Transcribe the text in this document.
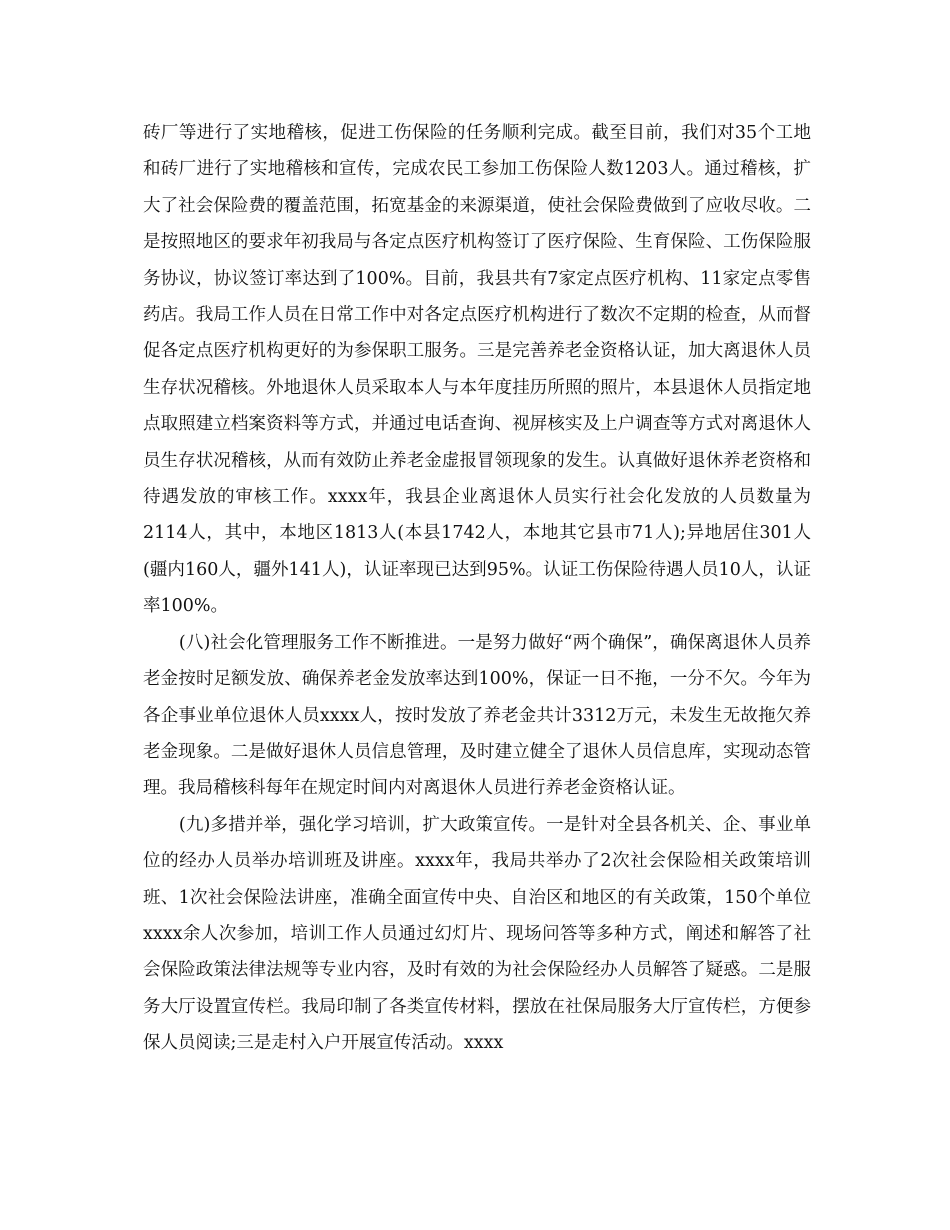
砖厂等进行了实地稽核，促进工伤保险的任务顺利完成。截至目前，我们对35个工地和砖厂进行了实地稽核和宣传，完成农民工参加工伤保险人数1203人。通过稽核，扩大了社会保险费的覆盖范围，拓宽基金的来源渠道，使社会保险费做到了应收尽收。二是按照地区的要求年初我局与各定点医疗机构签订了医疗保险、生育保险、工伤保险服务协议，协议签订率达到了100%。目前，我县共有7家定点医疗机构、11家定点零售药店。我局工作人员在日常工作中对各定点医疗机构进行了数次不定期的检查，从而督促各定点医疗机构更好的为参保职工服务。三是完善养老金资格认证，加大离退休人员生存状况稽核。外地退休人员采取本人与本年度挂历所照的照片，本县退休人员指定地点取照建立档案资料等方式，并通过电话查询、视屏核实及上户调查等方式对离退休人员生存状况稽核，从而有效防止养老金虚报冒领现象的发生。认真做好退休养老资格和待遇发放的审核工作。xxxx年，我县企业离退休人员实行社会化发放的人员数量为2114人，其中，本地区1813人(本县1742人，本地其它县市71人);异地居住301人(疆内160人，疆外141人)，认证率现已达到95%。认证工伤保险待遇人员10人，认证率100%。

(八)社会化管理服务工作不断推进。一是努力做好“两个确保”，确保离退休人员养老金按时足额发放、确保养老金发放率达到100%，保证一日不拖，一分不欠。今年为各企事业单位退休人员xxxx人，按时发放了养老金共计3312万元，未发生无故拖欠养老金现象。二是做好退休人员信息管理，及时建立健全了退休人员信息库，实现动态管理。我局稽核科每年在规定时间内对离退休人员进行养老金资格认证。

(九)多措并举，强化学习培训，扩大政策宣传。一是针对全县各机关、企、事业单位的经办人员举办培训班及讲座。xxxx年，我局共举办了2次社会保险相关政策培训班、1次社会保险法讲座，准确全面宣传中央、自治区和地区的有关政策，150个单位xxxx余人次参加，培训工作人员通过幻灯片、现场问答等多种方式，阐述和解答了社会保险政策法律法规等专业内容，及时有效的为社会保险经办人员解答了疑惑。二是服务大厅设置宣传栏。我局印制了各类宣传材料，摆放在社保局服务大厅宣传栏，方便参保人员阅读;三是走村入户开展宣传活动。xxxx
